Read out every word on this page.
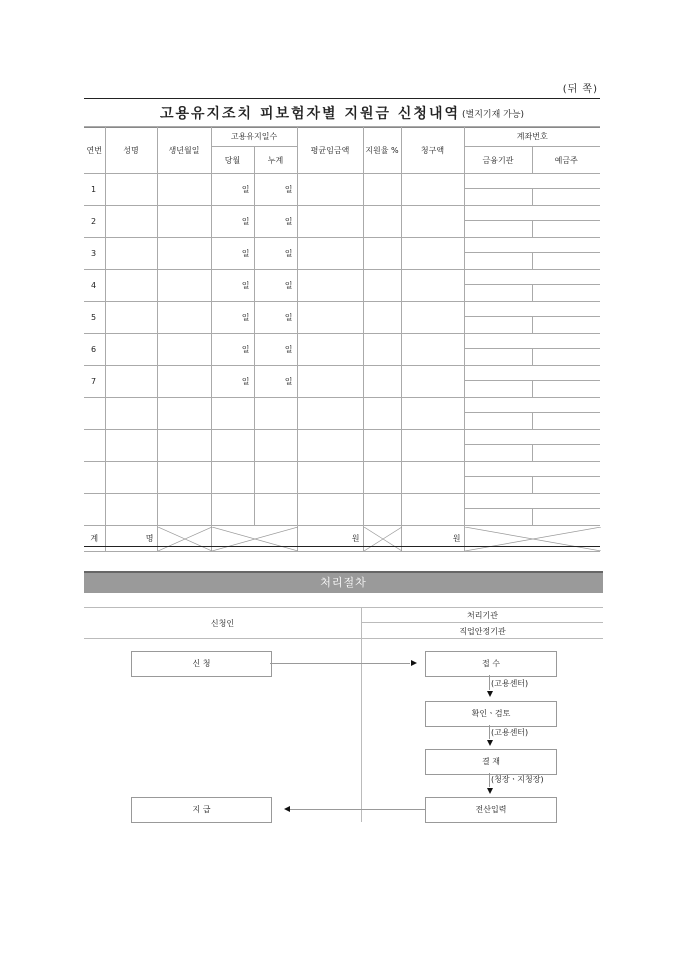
(뒤 쪽)
고용유지조치 피보험자별 지원금 신청내역 (별지기재 가능)
연번	성명	생년월일	고용유지일수		평균임금액	지원율 %	청구액	계좌번호	
			당월	누계				금융기관	예금주
1			일	일					

2			일	일					

3			일	일					

4			일	일					

5			일	일					

6			일	일					

7			일	일					

계	명				원		원	
처리절차
신청인
처리기관
직업안정기관
신 청
지 급
접 수
확인ㆍ검토
결 재
전산입력
(고용센터)
(고용센터)
(청장ㆍ지청장)
